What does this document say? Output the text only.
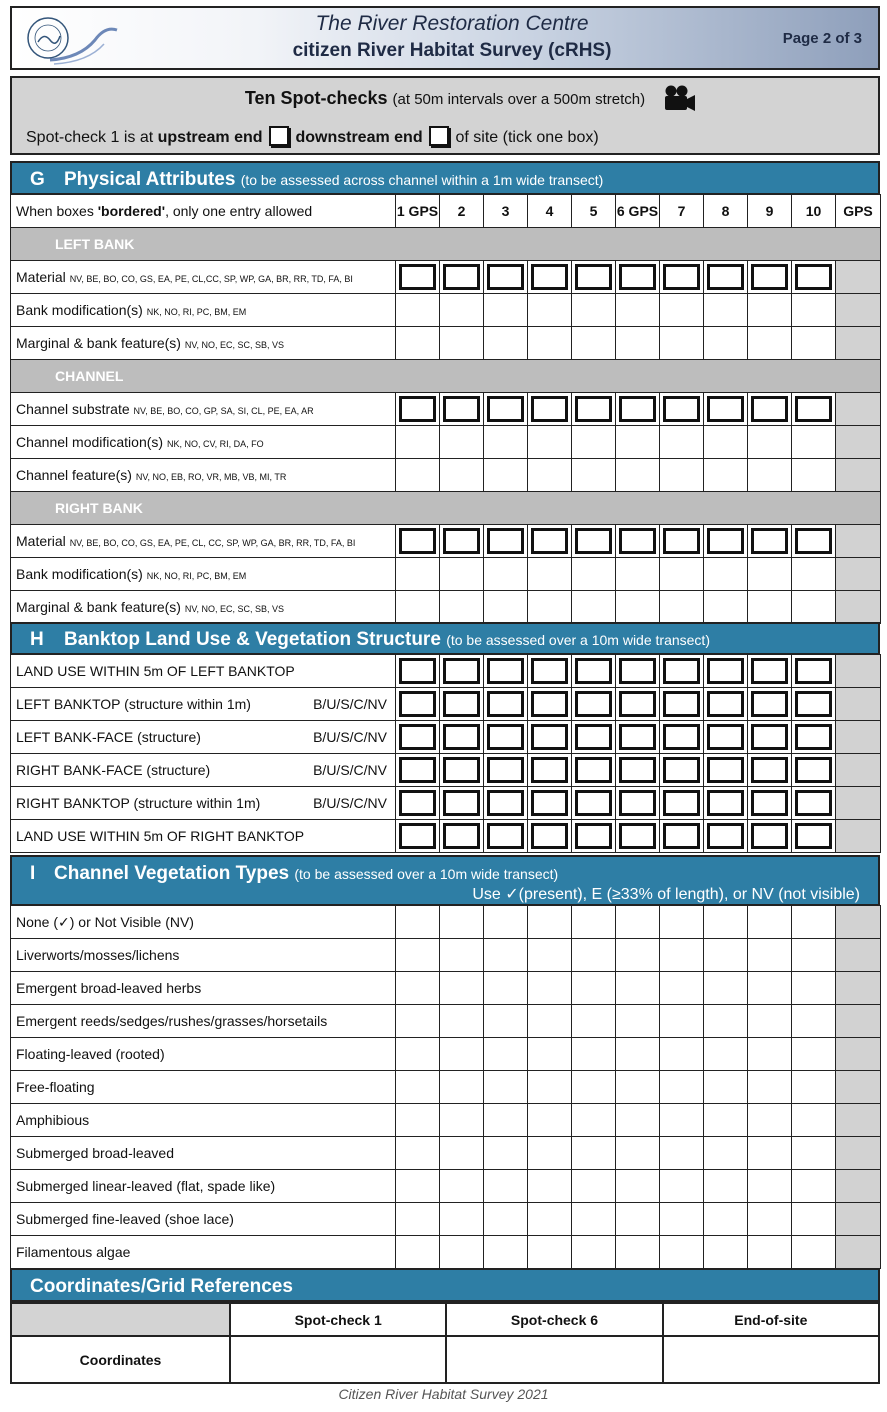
The River Restoration Centre
citizen River Habitat Survey (cRHS)
Page 2 of 3
Ten Spot-checks (at 50m intervals over a 500m stretch)
Spot-check 1 is at upstream end downstream end of site (tick one box)
G Physical Attributes (to be assessed across channel within a 1m wide transect)
When boxes 'bordered', only one entry allowed	1 GPS	2	3	4	5	6 GPS	7	8	9	10	GPS
LEFT BANK											
Material NV, BE, BO, CO, GS, EA, PE, CL,CC, SP, WP, GA, BR, RR, TD, FA, BI	

Bank modification(s) NK, NO, RI, PC, BM, EM											
Marginal & bank feature(s) NV, NO, EC, SC, SB, VS											
CHANNEL											
Channel substrate NV, BE, BO, CO, GP, SA, SI, CL, PE, EA, AR	

Channel modification(s) NK, NO, CV, RI, DA, FO											
Channel feature(s) NV, NO, EB, RO, VR, MB, VB, MI, TR											
RIGHT BANK											
Material NV, BE, BO, CO, GS, EA, PE, CL, CC, SP, WP, GA, BR, RR, TD, FA, BI	

Bank modification(s) NK, NO, RI, PC, BM, EM											
Marginal & bank feature(s) NV, NO, EC, SC, SB, VS											
H Banktop Land Use & Vegetation Structure (to be assessed over a 10m wide transect)
LAND USE WITHIN 5m OF LEFT BANKTOP	

LEFT BANKTOP (structure within 1m) B/U/S/C/NV											

LEFT BANK-FACE (structure) B/U/S/C/NV											

RIGHT BANK-FACE (structure) B/U/S/C/NV											

RIGHT BANKTOP (structure within 1m) B/U/S/C/NV											

LAND USE WITHIN 5m OF RIGHT BANKTOP	

I Channel Vegetation Types (to be assessed over a 10m wide transect)
Use ✓(present), E (≥33% of length), or NV (not visible)
None (✓) or Not Visible (NV)											
Liverworts/mosses/lichens											
Emergent broad-leaved herbs											
Emergent reeds/sedges/rushes/grasses/horsetails											
Floating-leaved (rooted)											
Free-floating											
Amphibious											
Submerged broad-leaved											
Submerged linear-leaved (flat, spade like)											
Submerged fine-leaved (shoe lace)											
Filamentous algae											
Coordinates/Grid References
	Spot-check 1	Spot-check 6	End-of-site
Coordinates			
Citizen River Habitat Survey 2021
